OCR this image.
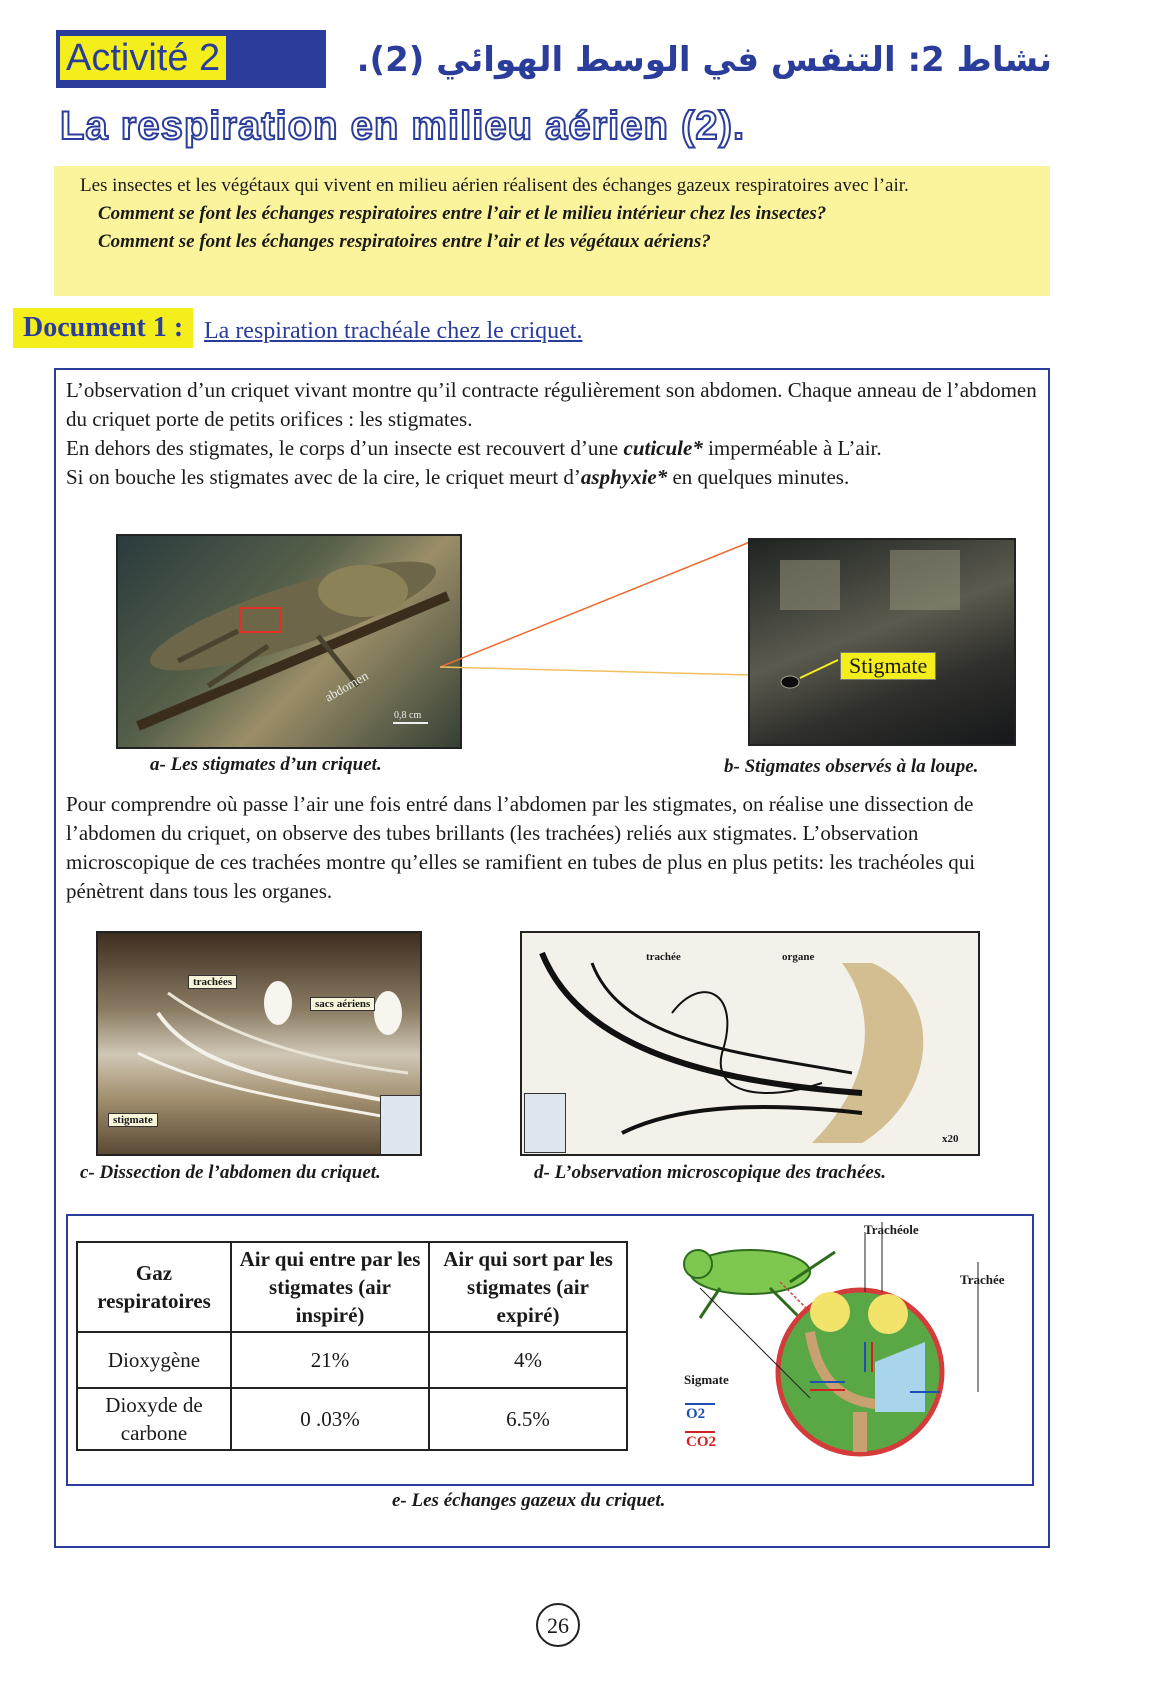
Activité 2	نشاط 2: التنفس في الوسط الهوائي (2).
La respiration en milieu aérien (2).

Les insectes et les végétaux qui vivent en milieu aérien réalisent des échanges gazeux respiratoires avec l’air.

Comment se font les échanges respiratoires entre l’air et le milieu intérieur chez les insectes?

Comment se font les échanges respiratoires entre l’air et les végétaux aériens?

Document 1 : La respiration trachéale chez le criquet.
L’observation d’un criquet vivant montre qu’il contracte régulièrement son abdomen. Chaque anneau de l’abdomen du criquet porte de petits orifices : les stigmates.
En dehors des stigmates, le corps d’un insecte est recouvert d’une cuticule* imperméable à L’air.
Si on bouche les stigmates avec de la cire, le criquet meurt d’asphyxie* en quelques minutes.
abdomen
0,8 cm
a- Les stigmates d’un criquet.
Stigmate
b- Stigmates observés à la loupe.
Pour comprendre où passe l’air une fois entré dans l’abdomen par les stigmates, on réalise une dissection de l’abdomen du criquet, on observe des tubes brillants (les trachées) reliés aux stigmates. L’observation microscopique de ces trachées montre qu’elles se ramifient en tubes de plus en plus petits: les trachéoles qui pénètrent dans tous les organes.
trachées
sacs aériens
stigmate
c- Dissection de l’abdomen du criquet.
trachée	organe
x20
d- L’observation microscopique des trachées.
Gaz respiratoires	Air qui entre par les stigmates (air inspiré)	Air qui sort par les stigmates (air expiré)
Dioxygène	21%	4%
Dioxyde de carbone	0 .03%	6.5%
Trachéole
Trachée
Sigmate
O2
CO2
e- Les échanges gazeux du criquet.
26
